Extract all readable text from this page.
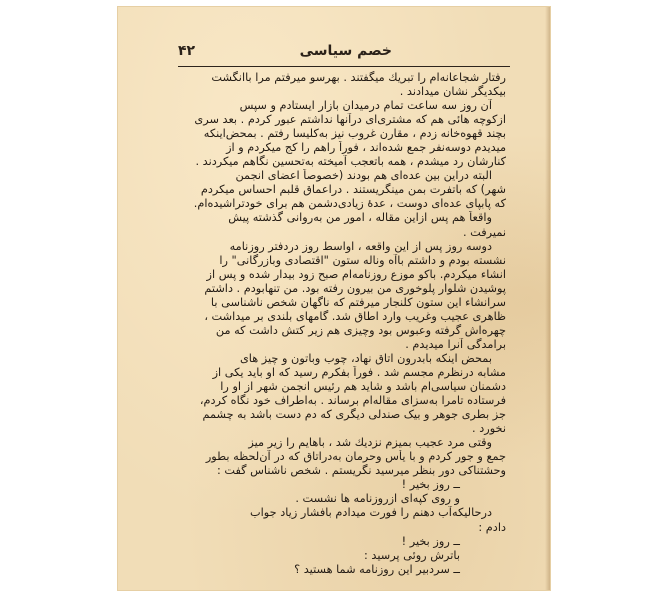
خصم سیاسی
۴۲
رفتار شجاعانه‌ام را تبریك میگفتند . بهرسو میرفتم مرا باانگشت
بیکدیگر نشان میدادند .
آن روز سه ساعت تمام درمیدان بازار ایستادم و سپس
ازکوچه هائی هم که مشتری‌ای درآنها نداشتم عبور کردم . بعد سری
بچند قهوه‌خانه زدم ، مقارن غروب نیز به‌کلیسا رفتم . بمحض‌اینکه
میدیدم دوسه‌نفر جمع شده‌اند ، فوراً راهم را کج میکردم و از
کنارشان رد میشدم ، همه باتعجب آمیخته به‌تحسین نگاهم میکردند .
البته دراین بین عده‌ای هم بودند (خصوصاً اعضای انجمن
شهر) که باتفرت بمن مینگریستند . دراعماق قلبم احساس میکردم
که پابپای عده‌ای دوست ، عدهٔ زیادی‌دشمن هم برای خودتراشیده‌ام.
واقعاً هم پس ازاین مقاله ، امور من به‌روانی گذشته پیش
نمیرفت .
دوسه روز پس از این واقعه ، اواسط روز دردفتر روزنامه
نشسته بودم و داشتم باآه وناله ستون "اقتصادی وبازرگانی" را
انشاء میکردم. باکو موزع روزنامه‌ام صبح زود بیدار شده و پس از
پوشیدن شلوار پلوخوری من بیرون رفته بود. من تنهابودم . داشتم
سرانشاء این ستون کلنجار میرفتم که ناگهان شخص ناشناسی با
ظاهری عجیب وغریب وارد اطاق شد. گامهای بلندی بر میداشت ،
چهره‌اش گرفته وعبوس بود وچیزی هم زیر کتش داشت که من
برامدگی آنرا میدیدم .
بمحض اینکه بابدرون اتاق نهاد، چوب وباتون و چیز های
مشابه درنظرم مجسم شد . فوراً بفکرم رسید که او باید یکی از
دشمنان سیاسی‌ام باشد و شاید هم رئیس انجمن شهر از او را
فرستاده تامرا به‌سزای مقاله‌ام برساند . به‌اطراف خود نگاه کردم،
جز بطری جوهر و بیک صندلی دیگری که دم دست باشد به چشمم
نخورد .
وقتی مرد عجیب بمیزم نزدیك شد ، باهایم را زیر میز
جمع و جور کردم و با یأس وحرمان به‌دراتاق که در آن‌لحظه بطور
وحشتناکی دور بنظر میرسید نگریستم . شخص ناشناس گفت :
ــ روز بخیر !
و روی کپه‌ای ازروزنامه ها نشست .
درحالیکه‌آب دهنم را فورت میدادم بافشار زیاد جواب
دادم :
ــ روز بخیر !
باترش روئی پرسید :
ــ سردبیر این روزنامه شما هستید ؟
